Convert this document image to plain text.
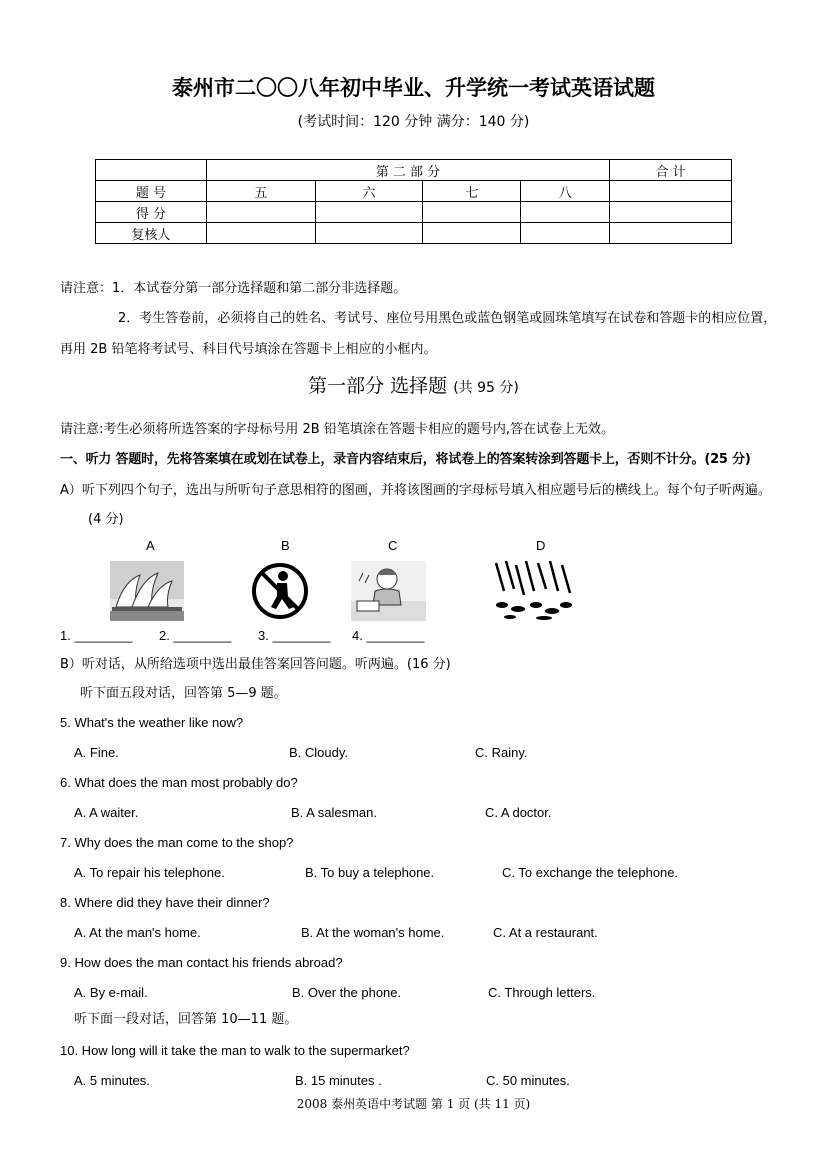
泰州市二〇〇八年初中毕业、升学统一考试英语试题
(考试时间：120 分钟 满分：140 分)
	第 二 部 分				合 计
题 号	五	六	七	八	
得 分					
复核人					
请注意：1．本试卷分第一部分选择题和第二部分非选择题。
2．考生答卷前，必须将自己的姓名、考试号、座位号用黑色或蓝色钢笔或圆珠笔填写在试卷和答题卡的相应位置，
再用 2B 铅笔将考试号、科目代号填涂在答题卡上相应的小框内。
第一部分 选择题 (共 95 分)
请注意:考生必须将所选答案的字母标号用 2B 铅笔填涂在答题卡相应的题号内,答在试卷上无效。
一、听力 答题时，先将答案填在或划在试卷上，录音内容结束后，将试卷上的答案转涂到答题卡上，否则不计分。(25 分)
A）听下列四个句子，选出与所听句子意思相符的图画，并将该图画的字母标号填入相应题号后的横线上。每个句子听两遍。
(4 分)
A	B	C	D
1. ________ 2. ________ 3. ________ 4. ________
B）听对话，从所给选项中选出最佳答案回答问题。听两遍。(16 分)
听下面五段对话，回答第 5—9 题。
5. What's the weather like now?
A. Fine.	B. Cloudy.	C. Rainy.
6. What does the man most probably do?
A. A waiter.	B. A salesman.	C. A doctor.
7. Why does the man come to the shop?
A. To repair his telephone.	B. To buy a telephone.	C. To exchange the telephone.
8. Where did they have their dinner?
A. At the man's home.	B. At the woman's home.	C. At a restaurant.
9. How does the man contact his friends abroad?
A. By e-mail.	B. Over the phone.	C. Through letters.
听下面一段对话，回答第 10—11 题。
10. How long will it take the man to walk to the supermarket?
A. 5 minutes.	B. 15 minutes .	C. 50 minutes.
2008 泰州英语中考试题 第 1 页 (共 11 页)
